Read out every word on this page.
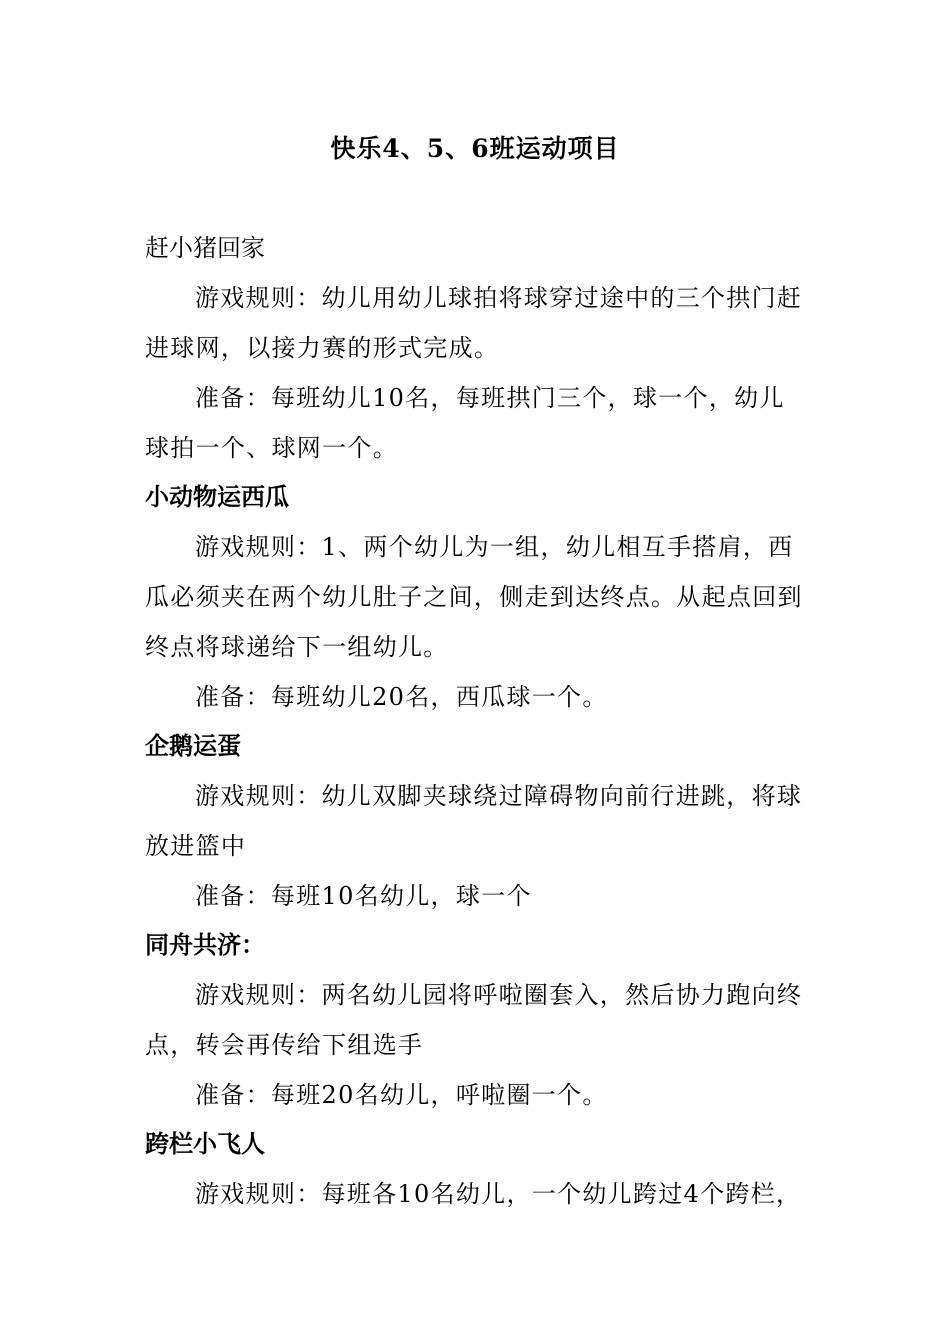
快乐4、5、6班运动项目
赶小猪回家
游戏规则：幼儿用幼儿球拍将球穿过途中的三个拱门赶进球网，以接力赛的形式完成。
准备：每班幼儿10名，每班拱门三个，球一个，幼儿球拍一个、球网一个。
小动物运西瓜
游戏规则：1、两个幼儿为一组，幼儿相互手搭肩，西瓜必须夹在两个幼儿肚子之间，侧走到达终点。从起点回到终点将球递给下一组幼儿。
准备：每班幼儿20名，西瓜球一个。
企鹅运蛋
游戏规则：幼儿双脚夹球绕过障碍物向前行进跳，将球放进篮中
准备：每班10名幼儿，球一个
同舟共济：
游戏规则：两名幼儿园将呼啦圈套入，然后协力跑向终点，转会再传给下组选手
准备：每班20名幼儿，呼啦圈一个。
跨栏小飞人
游戏规则：每班各10名幼儿，一个幼儿跨过4个跨栏，
